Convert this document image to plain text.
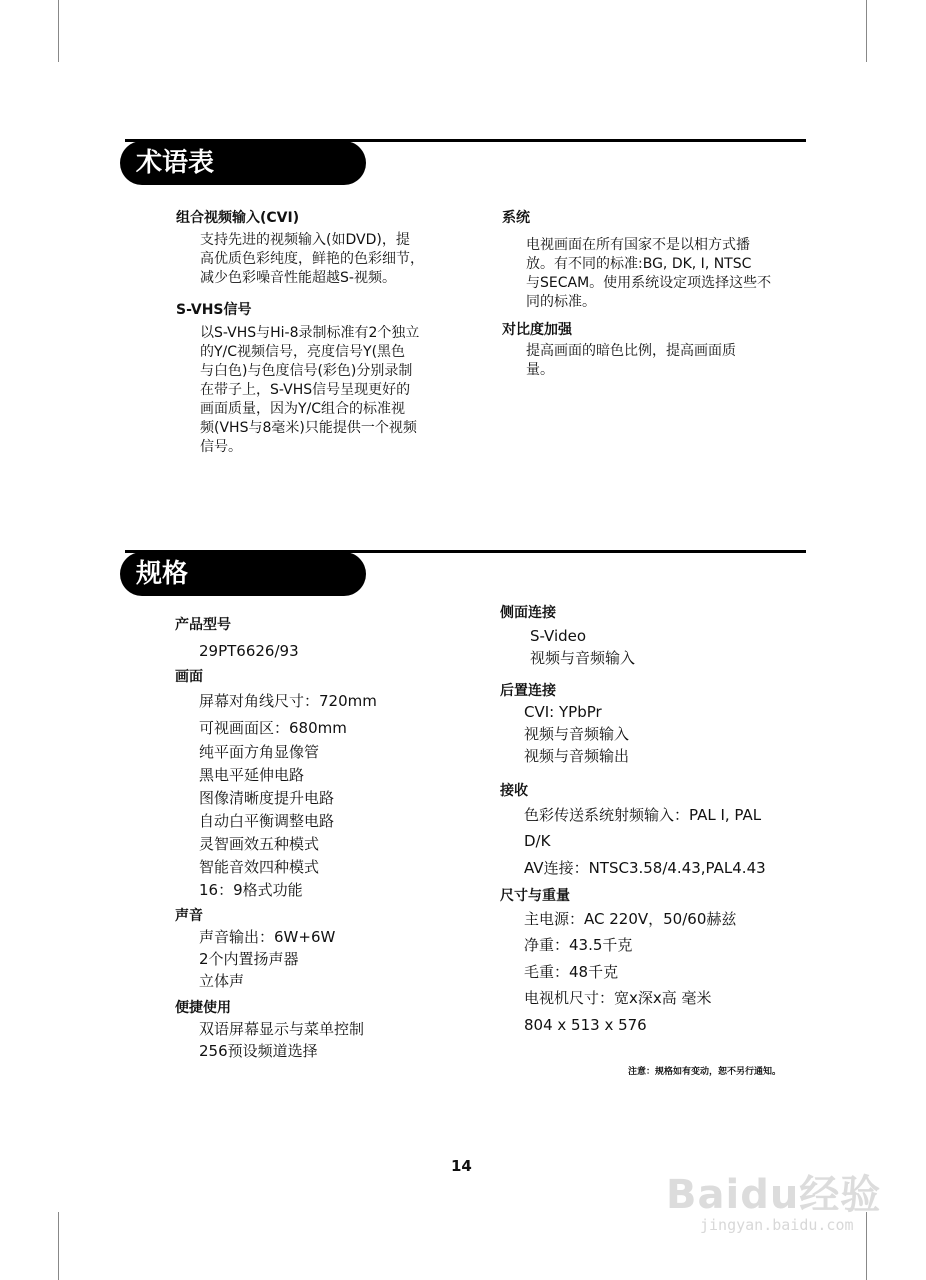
术语表
组合视频输入(CVI)
支持先进的视频输入(如DVD)，提
高优质色彩纯度，鲜艳的色彩细节，
减少色彩噪音性能超越S-视频。
S-VHS信号
以S-VHS与Hi-8录制标准有2个独立
的Y/C视频信号，亮度信号Y(黑色
与白色)与色度信号(彩色)分别录制
在带子上，S-VHS信号呈现更好的
画面质量，因为Y/C组合的标准视
频(VHS与8毫米)只能提供一个视频
信号。
系统
电视画面在所有国家不是以相方式播
放。有不同的标准:BG, DK, I, NTSC
与SECAM。使用系统设定项选择这些不
同的标准。
对比度加强
提高画面的暗色比例，提高画面质
量。
规格
产品型号
29PT6626/93
画面
屏幕对角线尺寸：720mm
可视画面区：680mm
纯平面方角显像管
黑电平延伸电路
图像清晰度提升电路
自动白平衡调整电路
灵智画效五种模式
智能音效四种模式
16：9格式功能
声音
声音输出：6W+6W
2个内置扬声器
立体声
便捷使用
双语屏幕显示与菜单控制
256预设频道选择
侧面连接
S-Video
视频与音频输入
后置连接
CVI: YPbPr
视频与音频输入
视频与音频输出
接收
色彩传送系统射频输入：PAL I, PAL
D/K
AV连接：NTSC3.58/4.43,PAL4.43
尺寸与重量
主电源：AC 220V，50/60赫兹
净重：43.5千克
毛重：48千克
电视机尺寸：宽x深x高 毫米
804 x 513 x 576
注意：规格如有变动，恕不另行通知。
14
Baidu经验
jingyan.baidu.com
